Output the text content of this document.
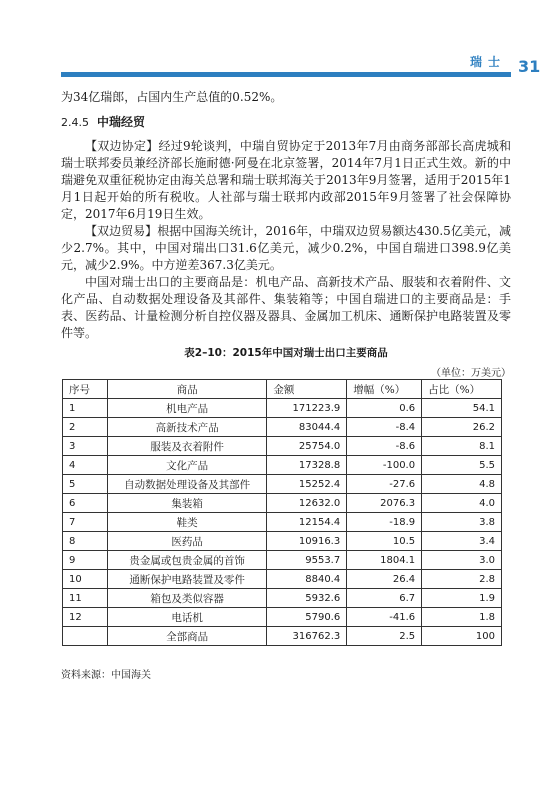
瑞士 31

为34亿瑞郎，占国内生产总值的0.52%。

2.4.5 中瑞经贸

【双边协定】经过9轮谈判，中瑞自贸协定于2013年7月由商务部部长高虎城和瑞士联邦委员兼经济部长施耐德·阿曼在北京签署，2014年7月1日正式生效。新的中瑞避免双重征税协定由海关总署和瑞士联邦海关于2013年9月签署，适用于2015年1月1日起开始的所有税收。人社部与瑞士联邦内政部2015年9月签署了社会保障协定，2017年6月19日生效。

【双边贸易】根据中国海关统计，2016年，中瑞双边贸易额达430.5亿美元，减少2.7%。其中，中国对瑞出口31.6亿美元，减少0.2%，中国自瑞进口398.9亿美元，减少2.9%。中方逆差367.3亿美元。

中国对瑞士出口的主要商品是：机电产品、高新技术产品、服装和衣着附件、文化产品、自动数据处理设备及其部件、集装箱等；中国自瑞进口的主要商品是：手表、医药品、计量检测分析自控仪器及器具、金属加工机床、通断保护电路装置及零件等。

表2–10：2015年中国对瑞士出口主要商品
（单位：万美元）
序号	商品	金额	增幅（%）	占比（%）
1	机电产品	171223.9	0.6	54.1
2	高新技术产品	83044.4	-8.4	26.2
3	服装及衣着附件	25754.0	-8.6	8.1
4	文化产品	17328.8	-100.0	5.5
5	自动数据处理设备及其部件	15252.4	-27.6	4.8
6	集装箱	12632.0	2076.3	4.0
7	鞋类	12154.4	-18.9	3.8
8	医药品	10916.3	10.5	3.4
9	贵金属或包贵金属的首饰	9553.7	1804.1	3.0
10	通断保护电路装置及零件	8840.4	26.4	2.8
11	箱包及类似容器	5932.6	6.7	1.9
12	电话机	5790.6	-41.6	1.8
	全部商品	316762.3	2.5	100
资料来源：中国海关
